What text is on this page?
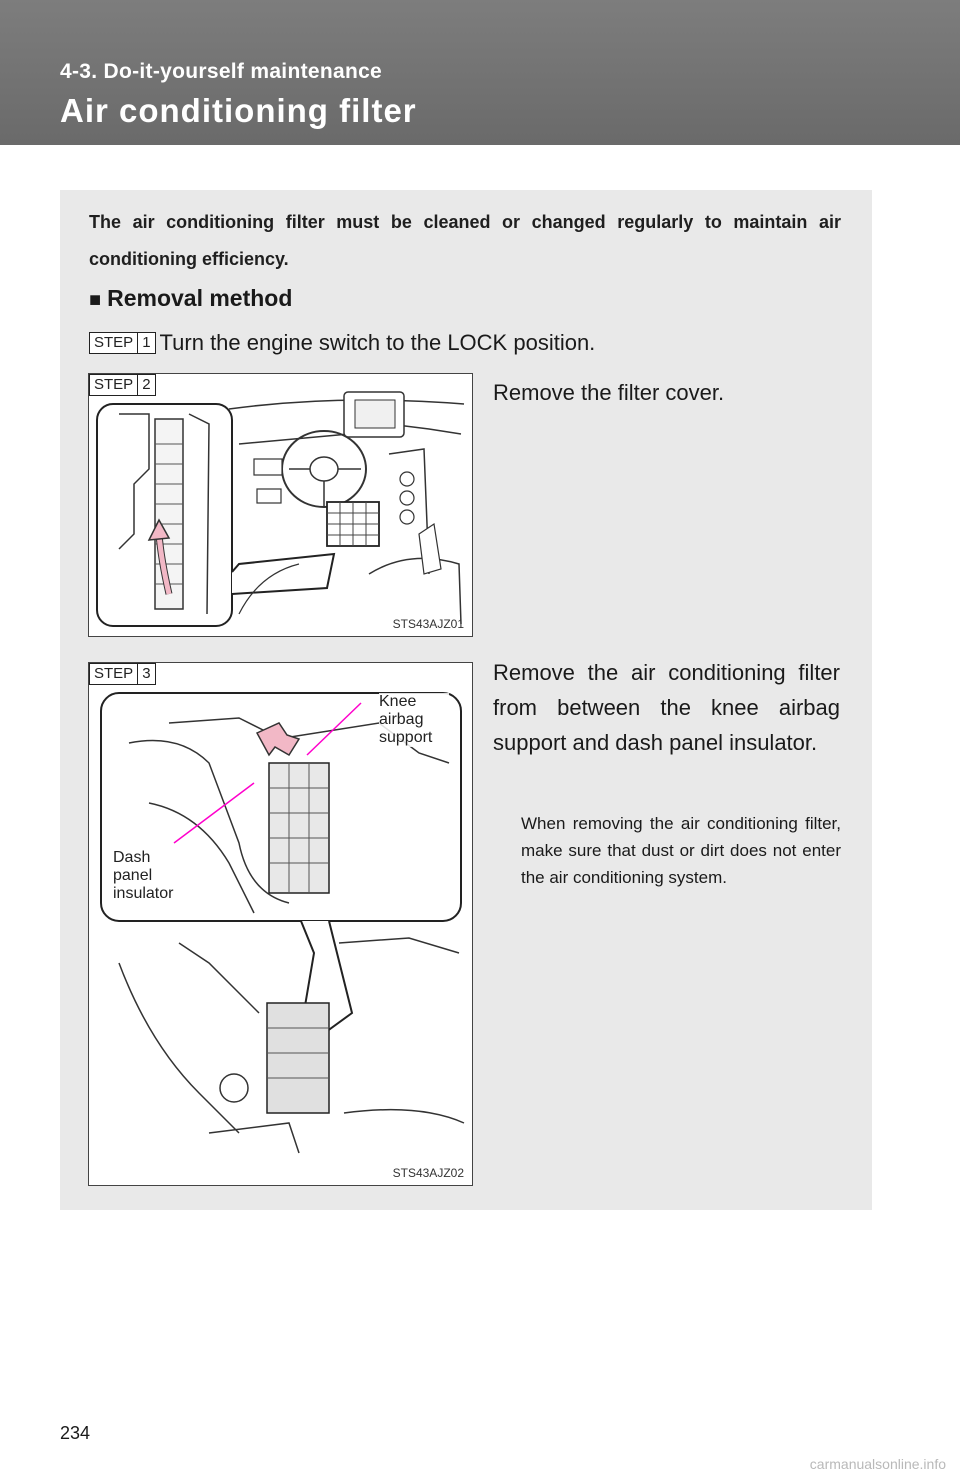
4-3. Do-it-yourself maintenance
Air conditioning filter
The air conditioning filter must be cleaned or changed regularly to maintain air conditioning efficiency.
■ Removal method
STEP 1 Turn the engine switch to the LOCK position.
STEP 2
STS43AJZ01
Remove the filter cover.
STEP 3
Knee airbag support
Dash panel insulator
STS43AJZ02
Remove the air conditioning filter from between the knee airbag support and dash panel insulator.
When removing the air conditioning filter, make sure that dust or dirt does not enter the air conditioning system.
234
carmanualsonline.info
